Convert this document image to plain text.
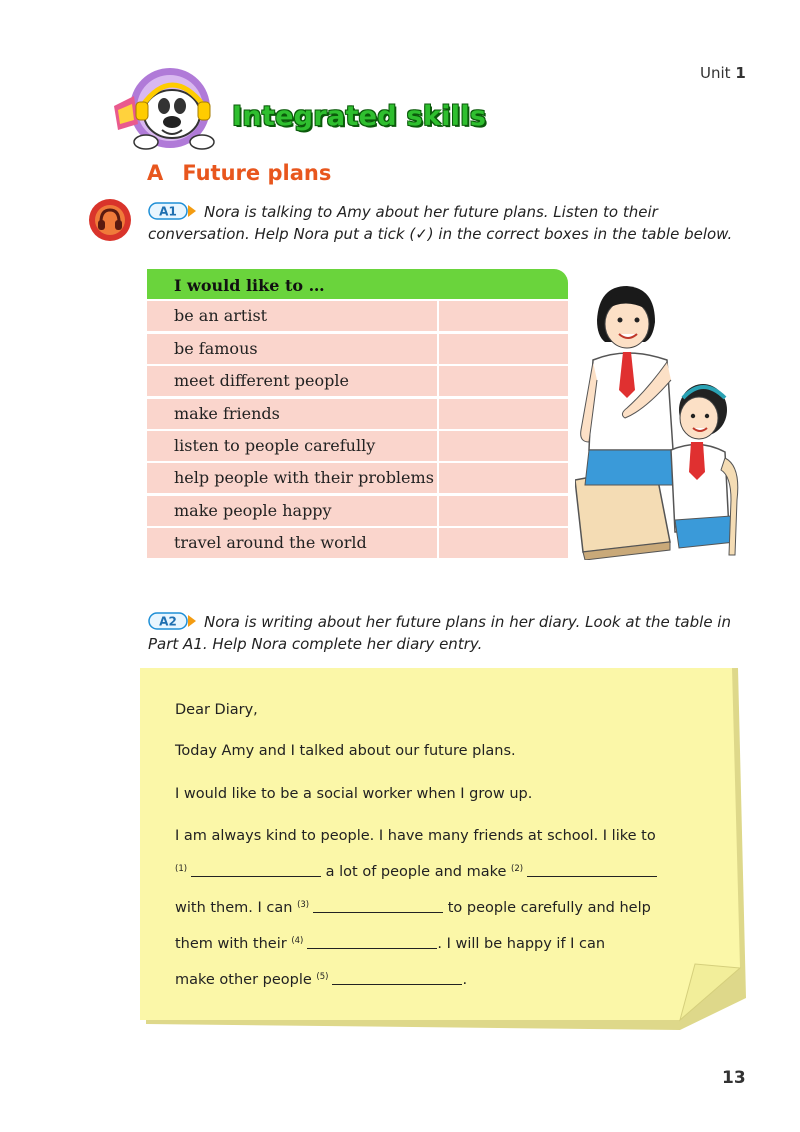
Unit 1
Integrated skills
A Future plans
A1 Nora is talking to Amy about her future plans. Listen to their conversation. Help Nora put a tick (✓) in the correct boxes in the table below.
I would like to …
be an artist
be famous
meet different people
make friends
listen to people carefully
help people with their problems
make people happy
travel around the world
A2 Nora is writing about her future plans in her diary. Look at the table in Part A1. Help Nora complete her diary entry.
Dear Diary,
Today Amy and I talked about our future plans.
I would like to be a social worker when I grow up.
I am always kind to people. I have many friends at school. I like to
$^{(1)}$	a lot of people and make $^{(2)}$
with them. I can $^{(3)}$	to people carefully and help
them with their $^{(4)}$	. I will be happy if I can
make other people $^{(5)}$	.
13
